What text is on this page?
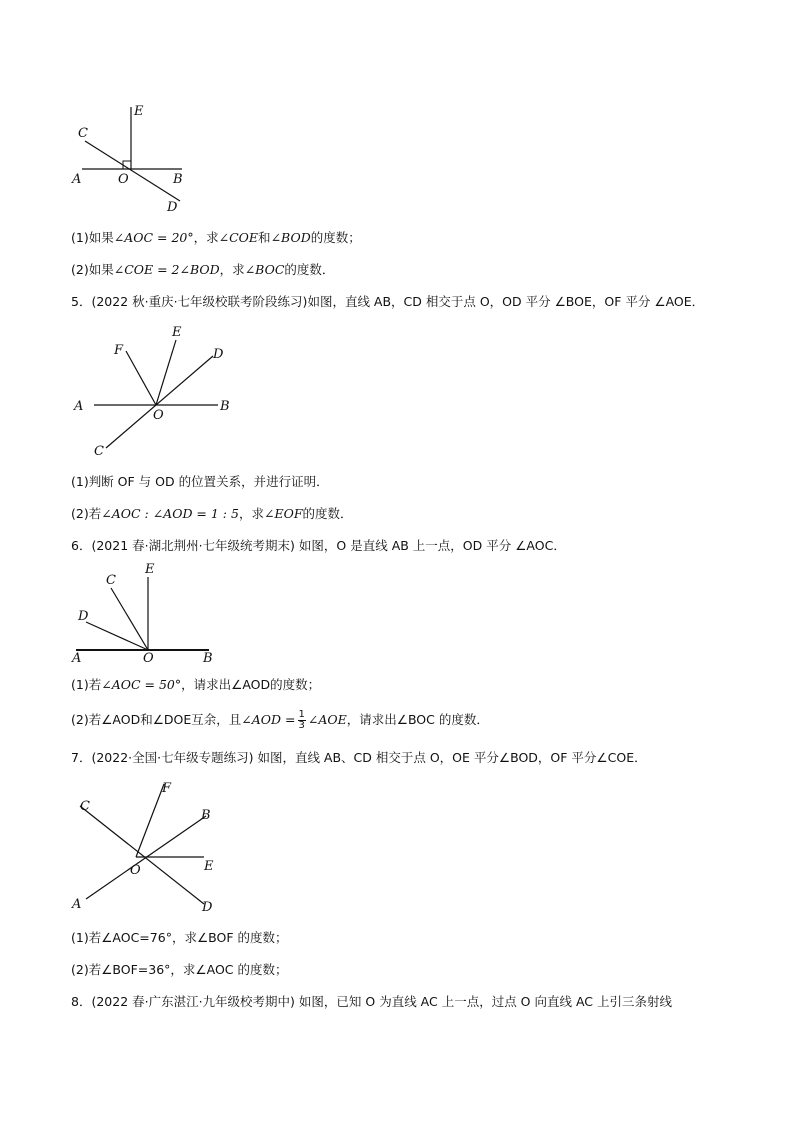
E
C
A	O	B
D
(1)如果∠AOC = 20°，求∠COE和∠BOD的度数；
(2)如果∠COE = 2∠BOD，求∠BOC的度数．
5．(2022 秋·重庆·七年级校联考阶段练习)如图，直线 AB，CD 相交于点 O，OD 平分 ∠BOE，OF 平分 ∠AOE．
F
E
D
A
O
B
C
(1)判断 OF 与 OD 的位置关系，并进行证明．
(2)若∠AOC : ∠AOD = 1 : 5，求∠EOF的度数．
6．(2021 春·湖北荆州·七年级统考期末) 如图，O 是直线 AB 上一点，OD 平分 ∠AOC．
C
E
D
A	O	B
(1)若∠AOC = 50°，请求出∠AOD的度数；
(2)若∠AOD和∠DOE互余，且∠AOD = $\frac{1}{3}$ ∠AOE，请求出∠BOC 的度数．
7．(2022·全国·七年级专题练习) 如图，直线 AB、CD 相交于点 O，OE 平分∠BOD，OF 平分∠COE．
C
F
B
E
O
A	D
(1)若∠AOC=76°，求∠BOF 的度数；
(2)若∠BOF=36°，求∠AOC 的度数；
8．(2022 春·广东湛江·九年级校考期中) 如图，已知 O 为直线 AC 上一点，过点 O 向直线 AC 上引三条射线
